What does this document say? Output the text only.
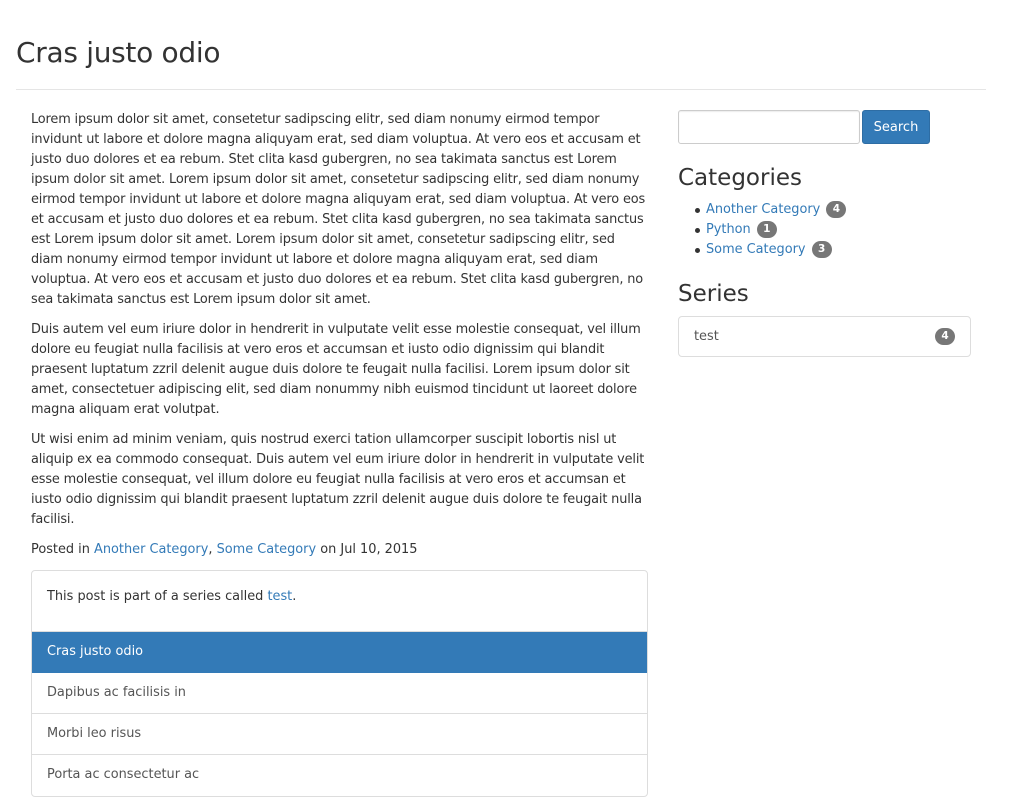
Cras justo odio

Lorem ipsum dolor sit amet, consetetur sadipscing elitr, sed diam nonumy eirmod tempor invidunt ut labore et dolore magna aliquyam erat, sed diam voluptua. At vero eos et accusam et justo duo dolores et ea rebum. Stet clita kasd gubergren, no sea takimata sanctus est Lorem ipsum dolor sit amet. Lorem ipsum dolor sit amet, consetetur sadipscing elitr, sed diam nonumy eirmod tempor invidunt ut labore et dolore magna aliquyam erat, sed diam voluptua. At vero eos et accusam et justo duo dolores et ea rebum. Stet clita kasd gubergren, no sea takimata sanctus est Lorem ipsum dolor sit amet. Lorem ipsum dolor sit amet, consetetur sadipscing elitr, sed diam nonumy eirmod tempor invidunt ut labore et dolore magna aliquyam erat, sed diam voluptua. At vero eos et accusam et justo duo dolores et ea rebum. Stet clita kasd gubergren, no sea takimata sanctus est Lorem ipsum dolor sit amet.

Duis autem vel eum iriure dolor in hendrerit in vulputate velit esse molestie consequat, vel illum dolore eu feugiat nulla facilisis at vero eros et accumsan et iusto odio dignissim qui blandit praesent luptatum zzril delenit augue duis dolore te feugait nulla facilisi. Lorem ipsum dolor sit amet, consectetuer adipiscing elit, sed diam nonummy nibh euismod tincidunt ut laoreet dolore magna aliquam erat volutpat.

Ut wisi enim ad minim veniam, quis nostrud exerci tation ullamcorper suscipit lobortis nisl ut aliquip ex ea commodo consequat. Duis autem vel eum iriure dolor in hendrerit in vulputate velit esse molestie consequat, vel illum dolore eu feugiat nulla facilisis at vero eros et accumsan et iusto odio dignissim qui blandit praesent luptatum zzril delenit augue duis dolore te feugait nulla facilisi.

Posted in Another Category, Some Category on Jul 10, 2015
This post is part of a series called test.
Cras justo odio
Dapibus ac facilisis in
Morbi leo risus
Porta ac consectetur ac
Search
Categories
Another Category 4
Python 1
Some Category 3
Series
test	4
